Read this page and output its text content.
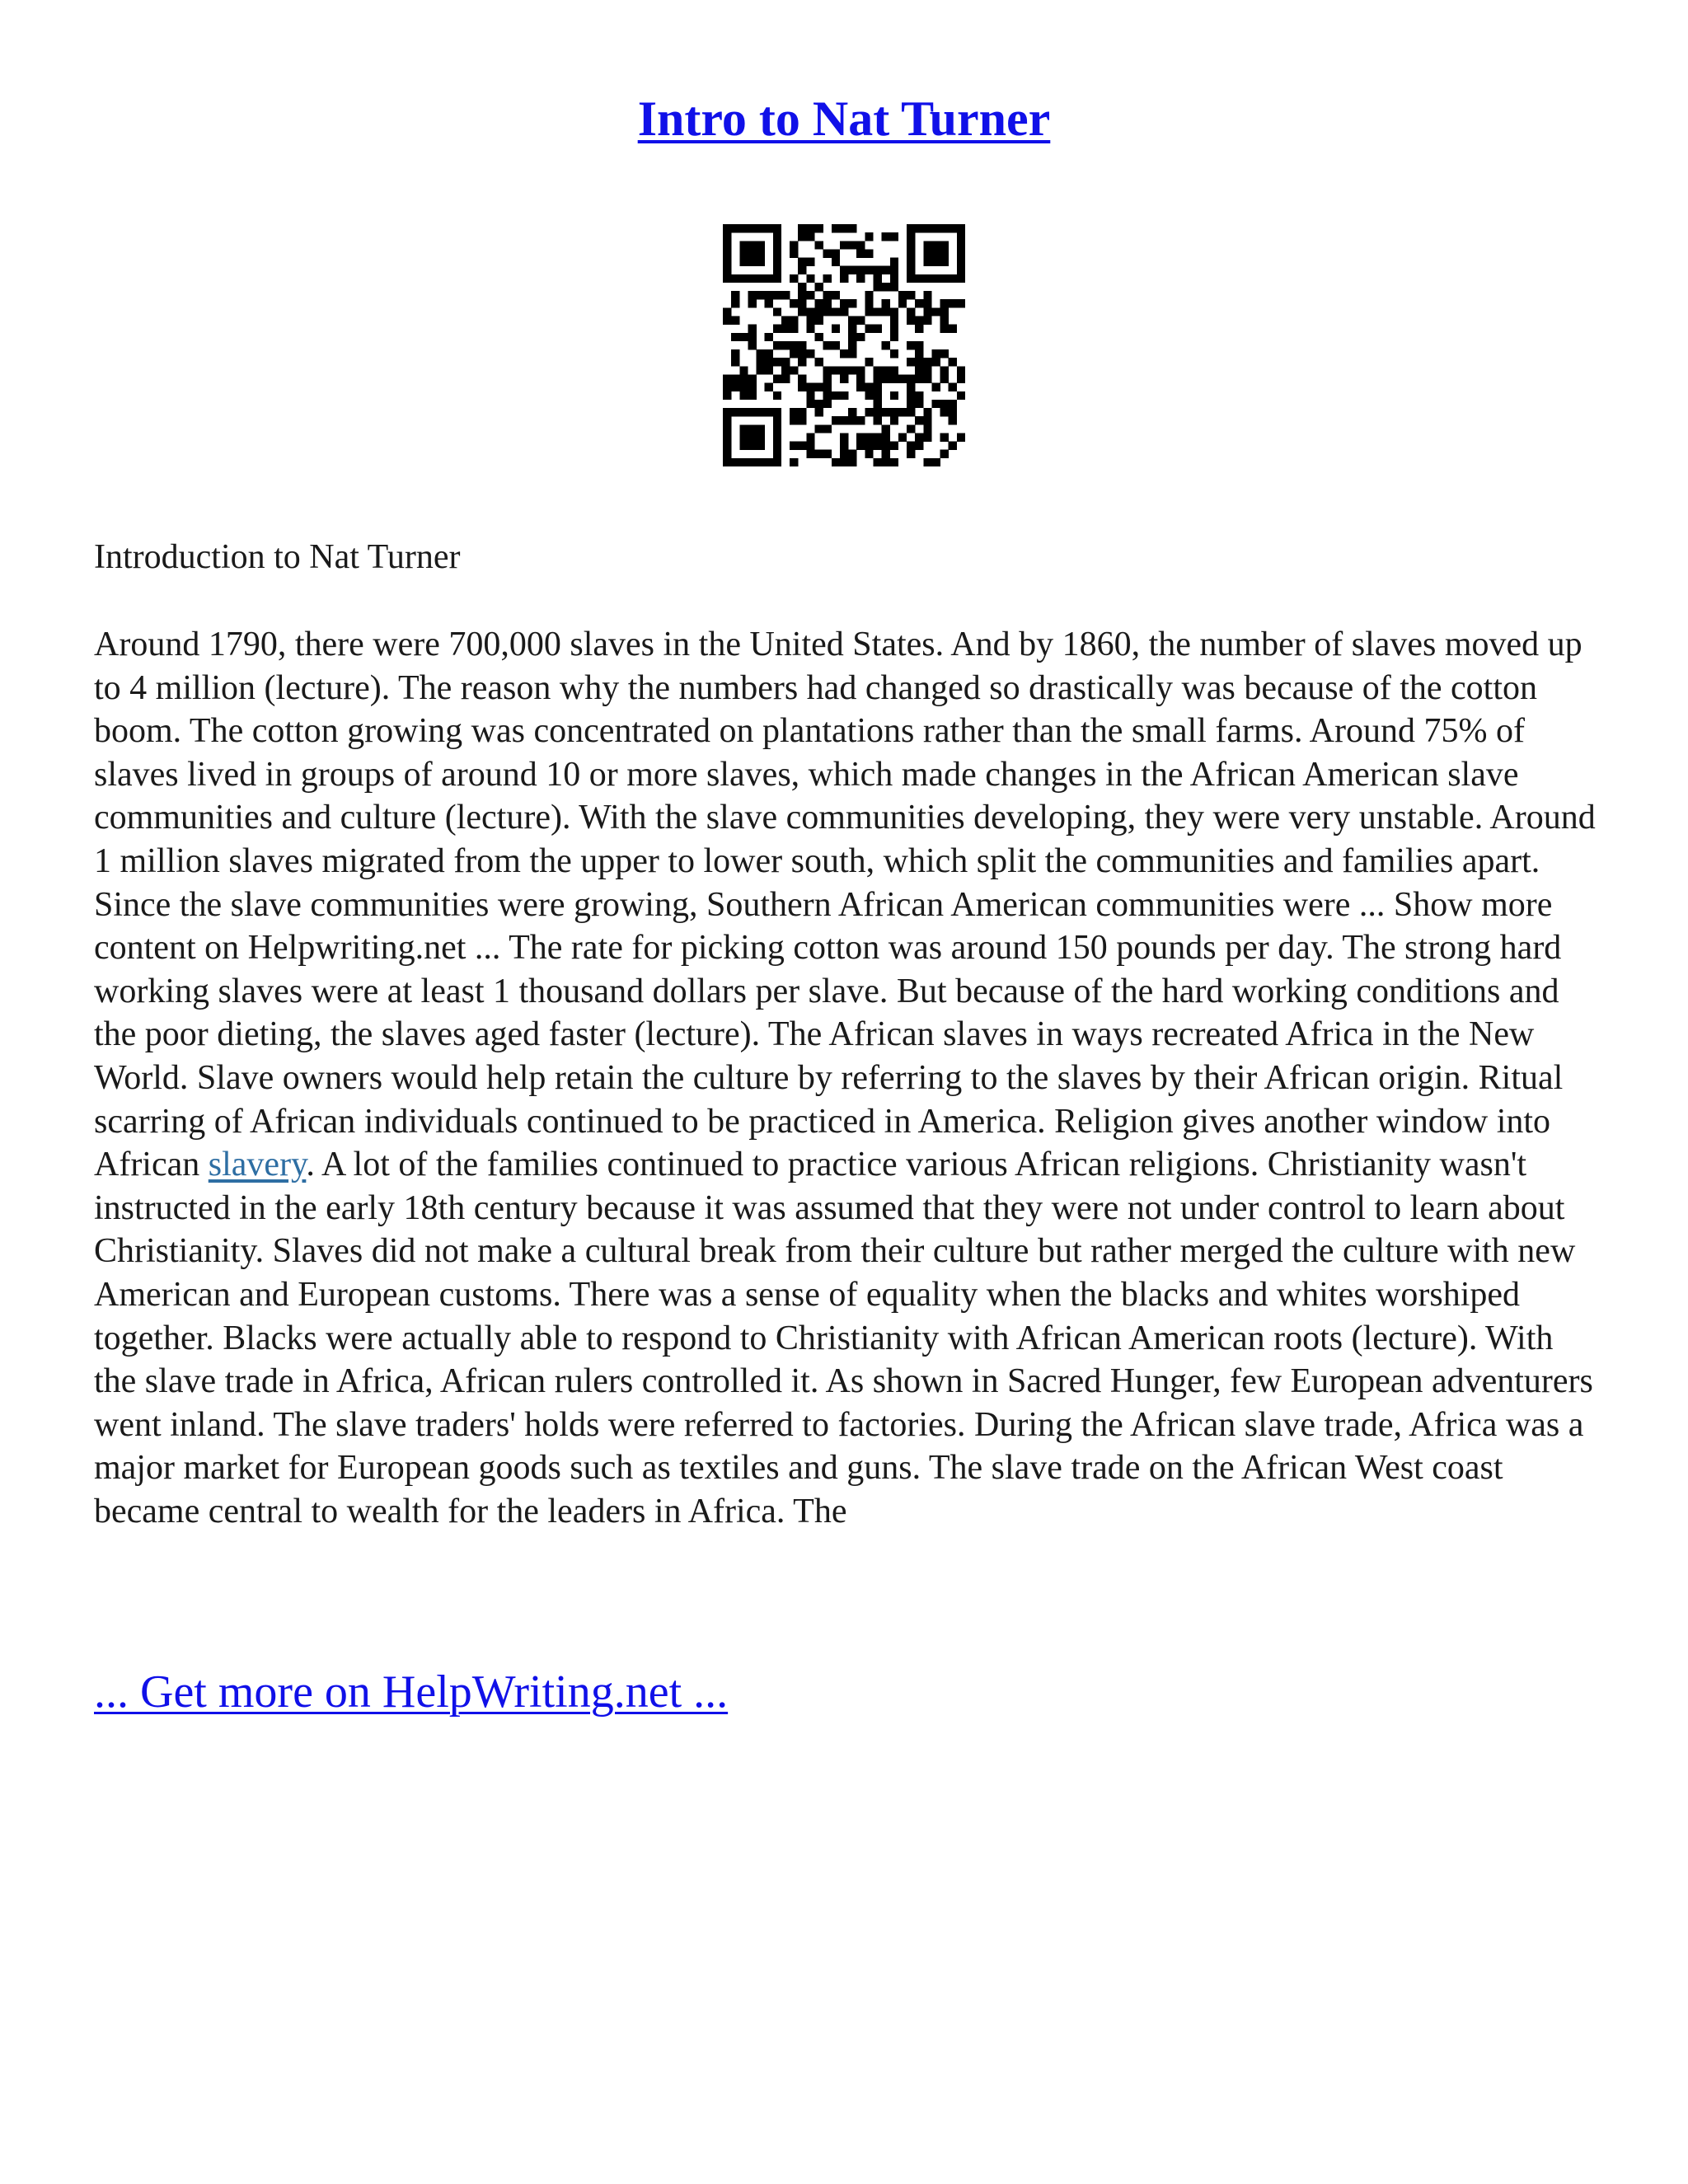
Intro to Nat Turner

Introduction to Nat Turner

Around 1790, there were 700,000 slaves in the United States. And by 1860, the number of slaves moved up to 4 million (lecture). The reason why the numbers had changed so drastically was because of the cotton boom. The cotton growing was concentrated on plantations rather than the small farms. Around 75% of slaves lived in groups of around 10 or more slaves, which made changes in the African American slave communities and culture (lecture). With the slave communities developing, they were very unstable. Around 1 million slaves migrated from the upper to lower south, which split the communities and families apart. Since the slave communities were growing, Southern African American communities were ... Show more content on Helpwriting.net ... The rate for picking cotton was around 150 pounds per day. The strong hard working slaves were at least 1 thousand dollars per slave. But because of the hard working conditions and the poor dieting, the slaves aged faster (lecture). The African slaves in ways recreated Africa in the New World. Slave owners would help retain the culture by referring to the slaves by their African origin. Ritual scarring of African individuals continued to be practiced in America. Religion gives another window into African slavery. A lot of the families continued to practice various African religions. Christianity wasn't instructed in the early 18th century because it was assumed that they were not under control to learn about Christianity. Slaves did not make a cultural break from their culture but rather merged the culture with new American and European customs. There was a sense of equality when the blacks and whites worshiped together. Blacks were actually able to respond to Christianity with African American roots (lecture). With the slave trade in Africa, African rulers controlled it. As shown in Sacred Hunger, few European adventurers went inland. The slave traders' holds were referred to factories. During the African slave trade, Africa was a major market for European goods such as textiles and guns. The slave trade on the African West coast became central to wealth for the leaders in Africa. The

... Get more on HelpWriting.net ...
